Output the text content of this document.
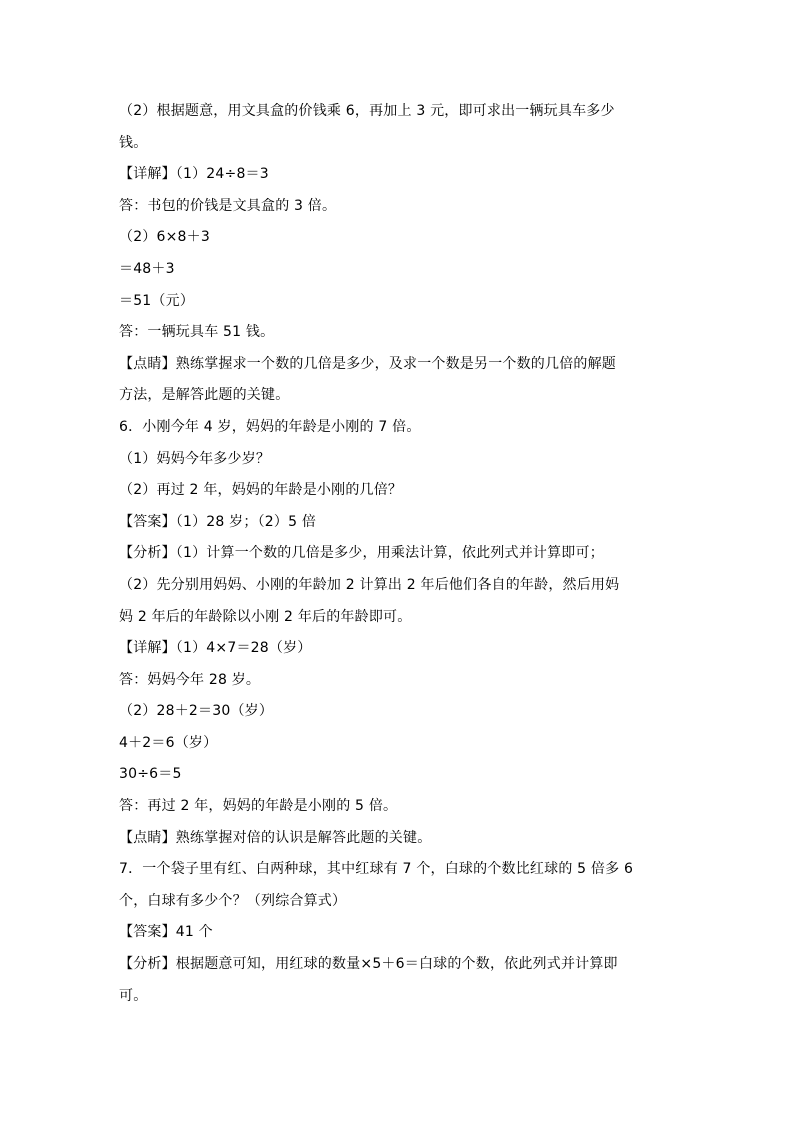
（2）根据题意，用文具盒的价钱乘 6，再加上 3 元，即可求出一辆玩具车多少
钱。
【详解】（1）24÷8＝3
答：书包的价钱是文具盒的 3 倍。
（2）6×8＋3
＝48＋3
＝51（元）
答：一辆玩具车 51 钱。
【点睛】熟练掌握求一个数的几倍是多少，及求一个数是另一个数的几倍的解题
方法，是解答此题的关键。
6．小刚今年 4 岁，妈妈的年龄是小刚的 7 倍。
（1）妈妈今年多少岁？
（2）再过 2 年，妈妈的年龄是小刚的几倍？
【答案】（1）28 岁；（2）5 倍
【分析】（1）计算一个数的几倍是多少，用乘法计算，依此列式并计算即可；
（2）先分别用妈妈、小刚的年龄加 2 计算出 2 年后他们各自的年龄，然后用妈
妈 2 年后的年龄除以小刚 2 年后的年龄即可。
【详解】（1）4×7＝28（岁）
答：妈妈今年 28 岁。
（2）28＋2＝30（岁）
4＋2＝6（岁）
30÷6＝5
答：再过 2 年，妈妈的年龄是小刚的 5 倍。
【点睛】熟练掌握对倍的认识是解答此题的关键。
7．一个袋子里有红、白两种球，其中红球有 7 个，白球的个数比红球的 5 倍多 6
个，白球有多少个？（列综合算式）
【答案】41 个
【分析】根据题意可知，用红球的数量×5＋6＝白球的个数，依此列式并计算即
可。
